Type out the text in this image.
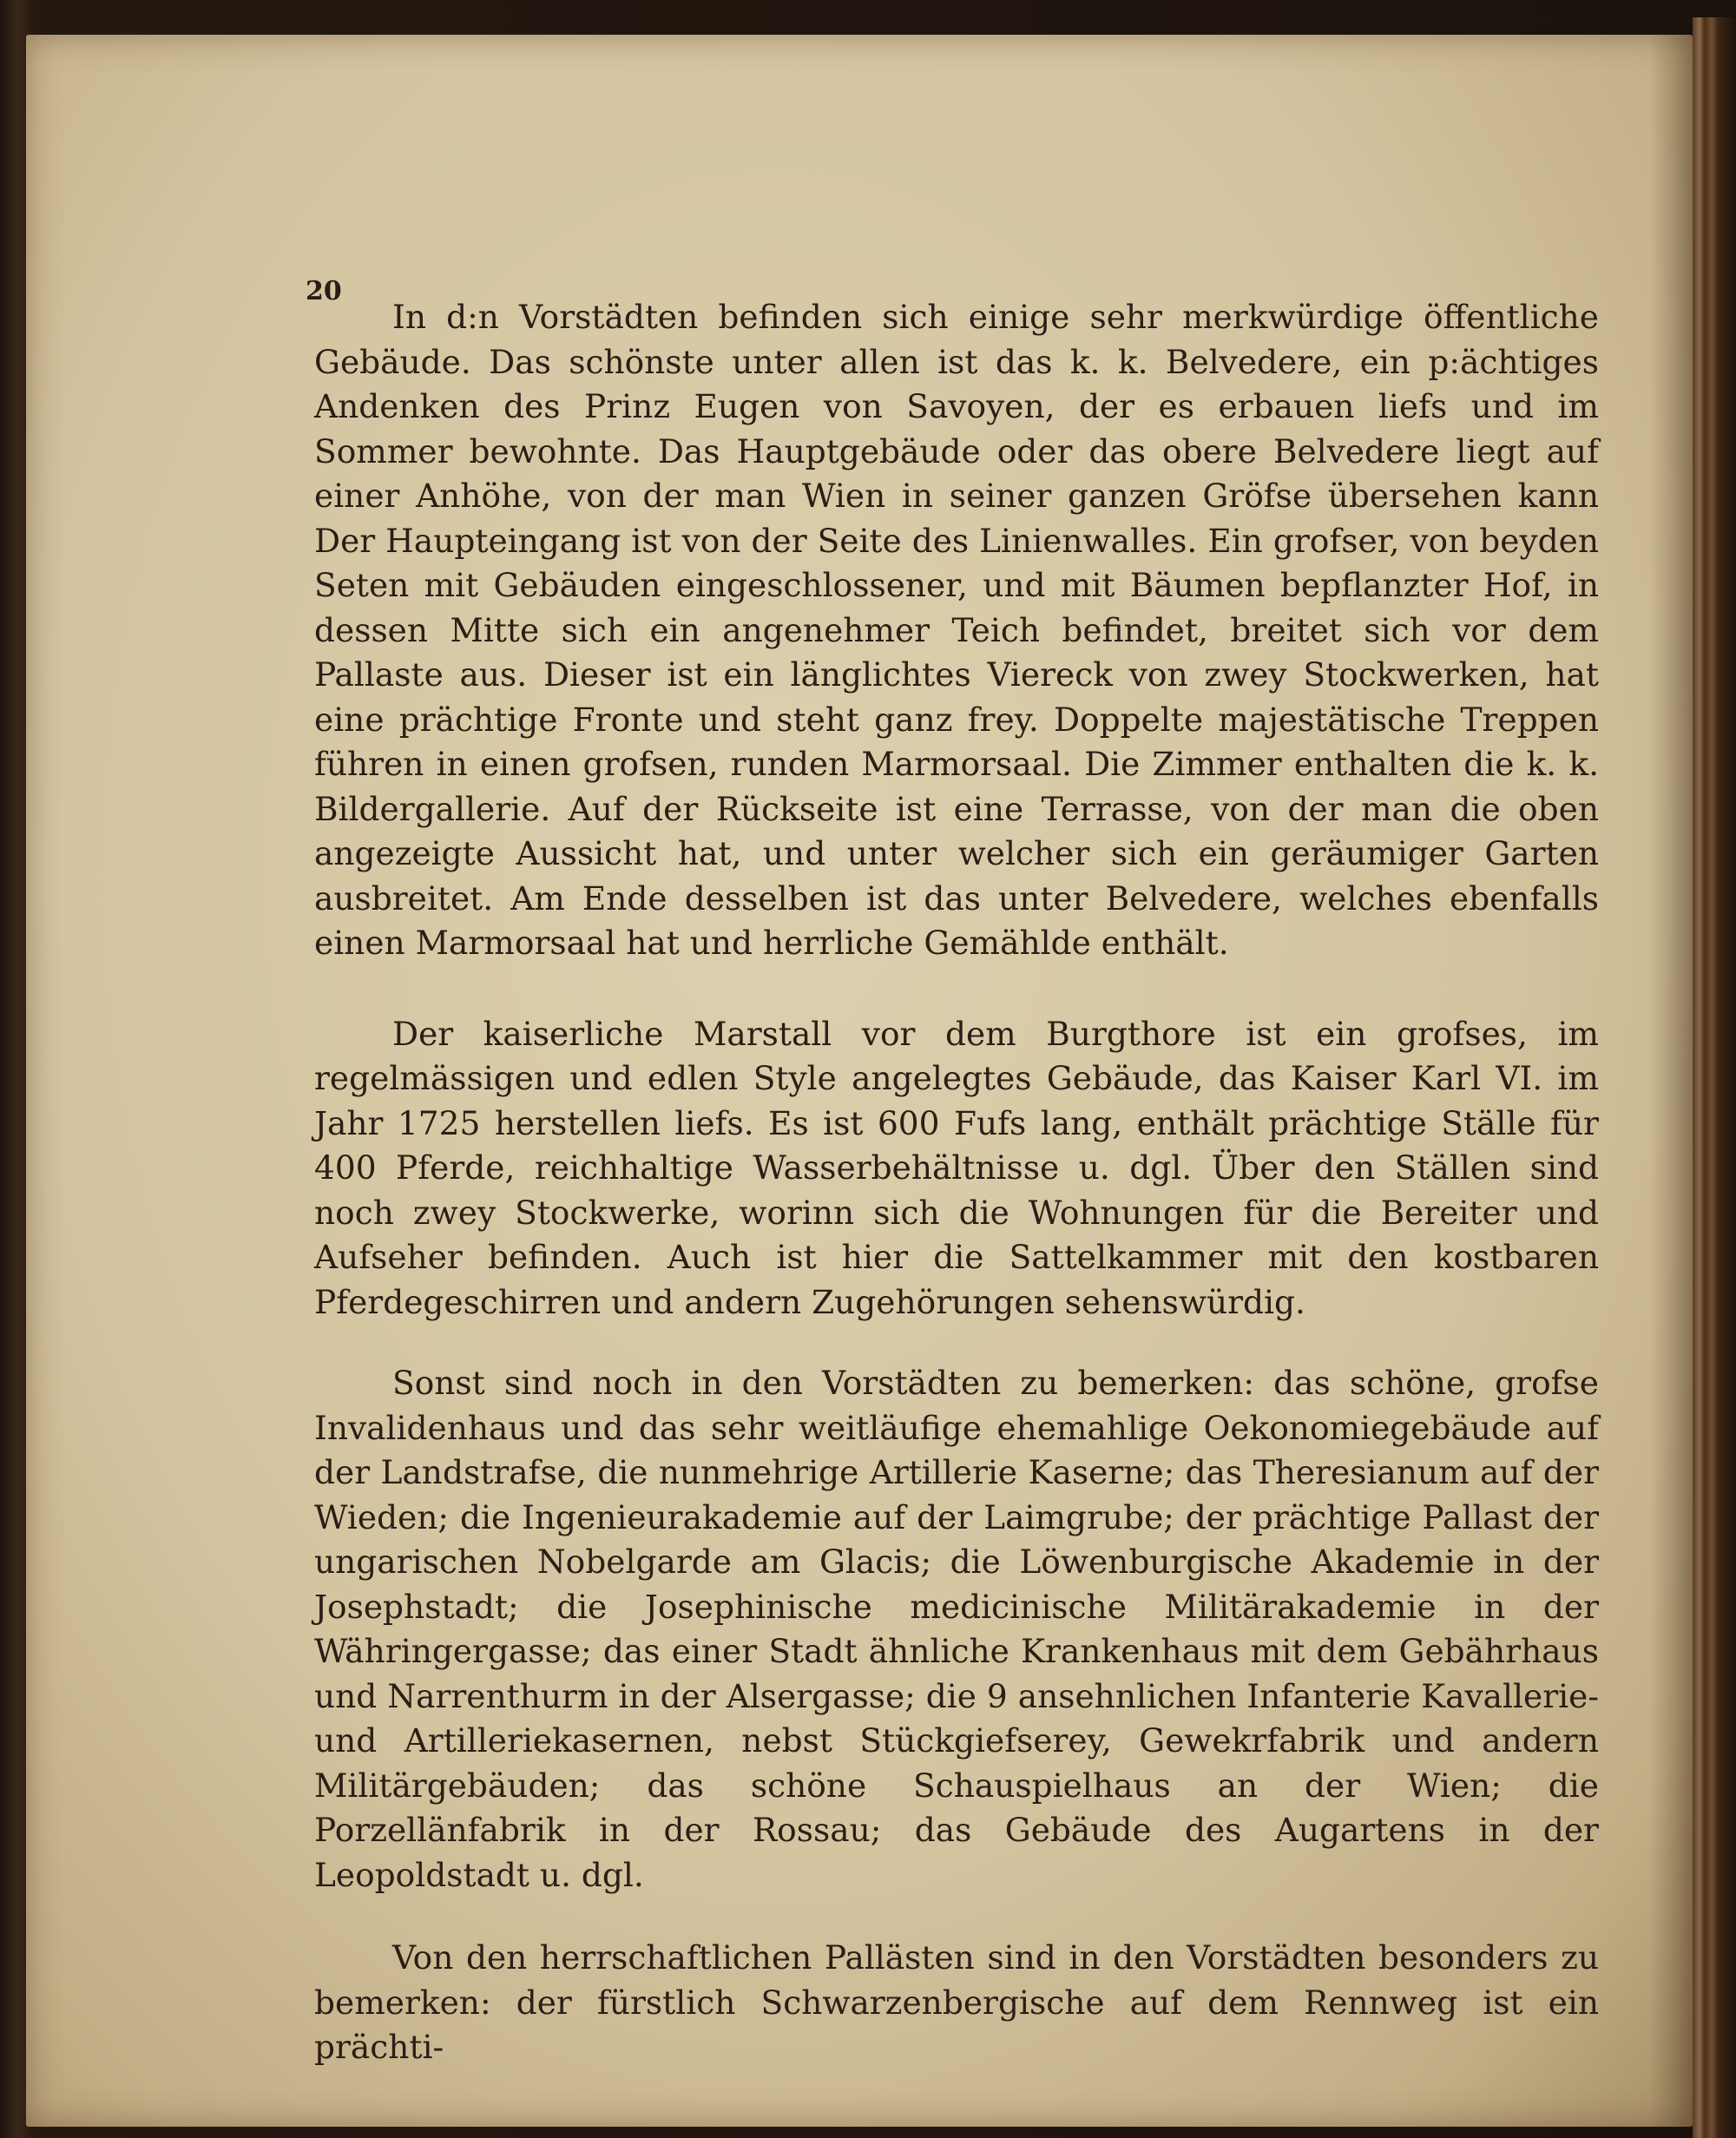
20

In d:n Vorstädten befinden sich einige sehr merkwürdige öffentliche Gebäude. Das schönste unter allen ist das k. k. Belvedere, ein p:ächtiges Andenken des Prinz Eugen von Savoyen, der es erbauen liefs und im Sommer bewohnte. Das Hauptgebäude oder das obere Belvedere liegt auf einer Anhöhe, von der man Wien in seiner ganzen Gröfse übersehen kann Der Haupteingang ist von der Seite des Linienwalles. Ein grofser, von beyden Seten mit Gebäuden eingeschlossener, und mit Bäumen bepflanzter Hof, in dessen Mitte sich ein angenehmer Teich befindet, breitet sich vor dem Pallaste aus. Dieser ist ein länglichtes Viereck von zwey Stockwerken, hat eine prächtige Fronte und steht ganz frey. Doppelte majestätische Treppen führen in einen grofsen, runden Marmorsaal. Die Zimmer enthalten die k. k. Bildergallerie. Auf der Rückseite ist eine Terrasse, von der man die oben angezeigte Aussicht hat, und unter welcher sich ein geräumiger Garten ausbreitet. Am Ende desselben ist das unter Belvedere, welches ebenfalls einen Marmorsaal hat und herrliche Gemählde enthält.

Der kaiserliche Marstall vor dem Burgthore ist ein grofses, im regelmässigen und edlen Style angelegtes Gebäude, das Kaiser Karl VI. im Jahr 1725 herstellen liefs. Es ist 600 Fufs lang, enthält prächtige Ställe für 400 Pferde, reichhaltige Wasserbehältnisse u. dgl. Über den Ställen sind noch zwey Stockwerke, worinn sich die Wohnungen für die Bereiter und Aufseher befinden. Auch ist hier die Sattelkammer mit den kostbaren Pferdegeschirren und andern Zugehörungen sehenswürdig.

Sonst sind noch in den Vorstädten zu bemerken: das schöne, grofse Invalidenhaus und das sehr weitläufige ehemahlige Oekonomiegebäude auf der Landstrafse, die nunmehrige Artillerie Kaserne; das Theresianum auf der Wieden; die Ingenieurakademie auf der Laimgrube; der prächtige Pallast der ungarischen Nobelgarde am Glacis; die Löwenburgische Akademie in der Josephstadt; die Josephinische medicinische Militärakademie in der Währingergasse; das einer Stadt ähnliche Krankenhaus mit dem Gebährhaus und Narrenthurm in der Alsergasse; die 9 ansehnlichen Infanterie Kavallerie- und Artilleriekasernen, nebst Stückgiefserey, Gewekrfabrik und andern Militärgebäuden; das schöne Schauspielhaus an der Wien; die Porzellänfabrik in der Rossau; das Gebäude des Augartens in der Leopoldstadt u. dgl.

Von den herrschaftlichen Pallästen sind in den Vorstädten besonders zu bemerken: der fürstlich Schwarzenbergische auf dem Rennweg ist ein prächti-
